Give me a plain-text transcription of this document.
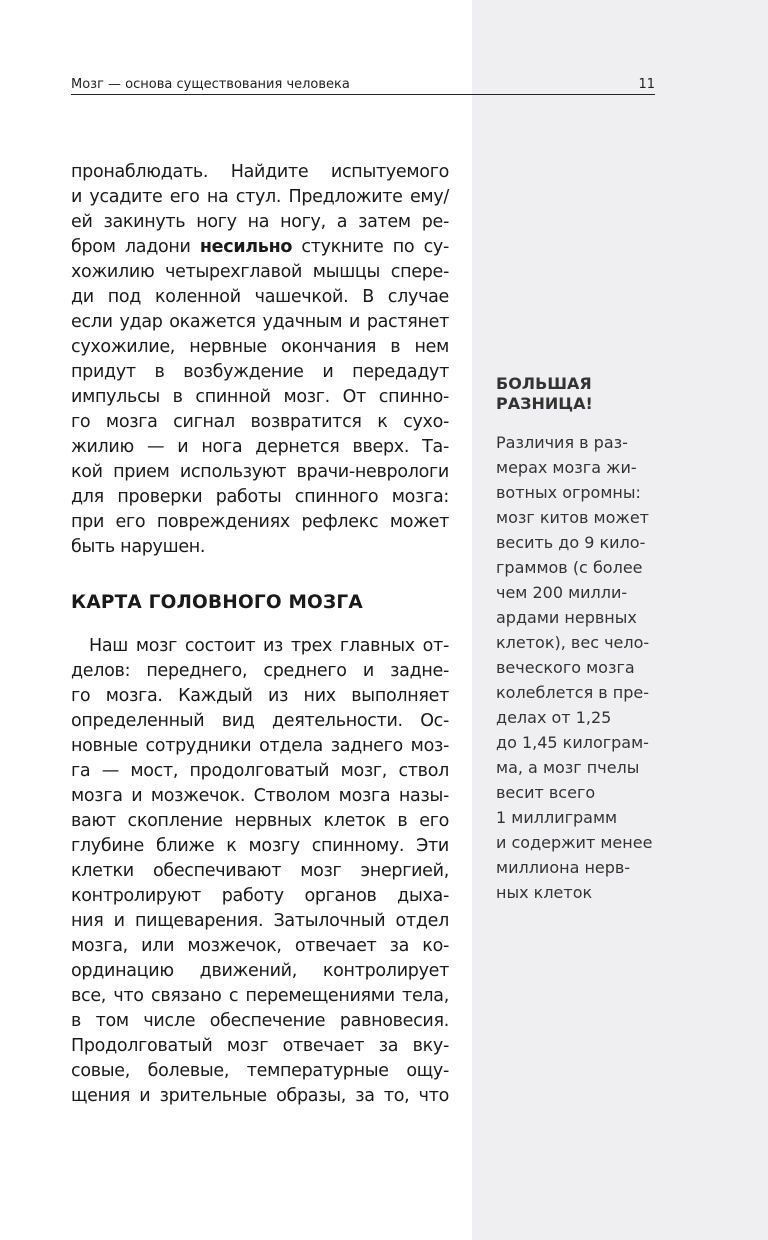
Мозг — основа существования человека	11
пронаблюдать. Найдите испытуемого
и усадите его на стул. Предложите ему/
ей закинуть ногу на ногу, а затем ре-
бром ладони несильно стукните по су-
хожилию четырехглавой мышцы спере-
ди под коленной чашечкой. В случае
если удар окажется удачным и растянет
сухожилие, нервные окончания в нем
придут в возбуждение и передадут
импульсы в спинной мозг. От спинно-
го мозга сигнал возвратится к сухо-
жилию — и нога дернется вверх. Та-
кой прием используют врачи-неврологи
для проверки работы спинного мозга:
при его повреждениях рефлекс может
быть нарушен.
КАРТА ГОЛОВНОГО МОЗГА
Наш мозг состоит из трех главных от-
делов: переднего, среднего и задне-
го мозга. Каждый из них выполняет
определенный вид деятельности. Ос-
новные сотрудники отдела заднего моз-
га — мост, продолговатый мозг, ствол
мозга и мозжечок. Стволом мозга назы-
вают скопление нервных клеток в его
глубине ближе к мозгу спинному. Эти
клетки обеспечивают мозг энергией,
контролируют работу органов дыха-
ния и пищеварения. Затылочный отдел
мозга, или мозжечок, отвечает за ко-
ординацию движений, контролирует
все, что связано с перемещениями тела,
в том числе обеспечение равновесия.
Продолговатый мозг отвечает за вку-
совые, болевые, температурные ощу-
щения и зрительные образы, за то, что
БОЛЬШАЯ
РАЗНИЦА!
Различия в раз-
мерах мозга жи-
вотных огромны:
мозг китов может
весить до 9 кило-
граммов (с более
чем 200 милли-
ардами нервных
клеток), вес чело-
веческого мозга
колеблется в пре-
делах от 1,25
до 1,45 килограм-
ма, а мозг пчелы
весит всего
1 миллиграмм
и содержит менее
миллиона нерв-
ных клеток
